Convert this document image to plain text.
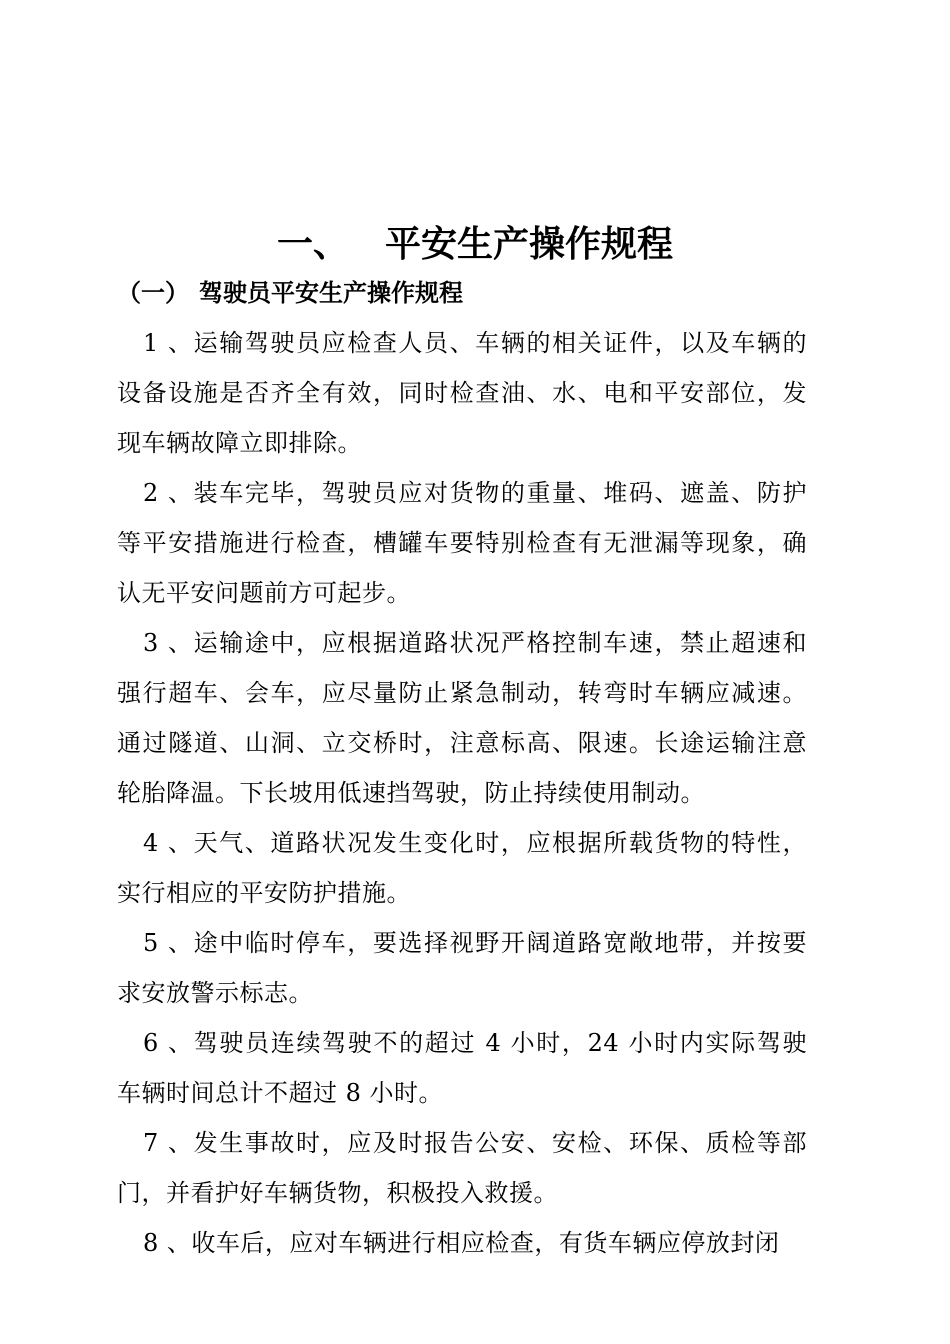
一、 平安生产操作规程
（一） 驾驶员平安生产操作规程
1 、运输驾驶员应检查人员、车辆的相关证件，以及车辆的
设备设施是否齐全有效，同时检查油、水、电和平安部位，发
现车辆故障立即排除。
2 、装车完毕，驾驶员应对货物的重量、堆码、遮盖、防护
等平安措施进行检查，槽罐车要特别检查有无泄漏等现象，确
认无平安问题前方可起步。
3 、运输途中，应根据道路状况严格控制车速，禁止超速和
强行超车、会车，应尽量防止紧急制动，转弯时车辆应减速。
通过隧道、山洞、立交桥时，注意标高、限速。长途运输注意
轮胎降温。下长坡用低速挡驾驶，防止持续使用制动。
4 、天气、道路状况发生变化时，应根据所载货物的特性，
实行相应的平安防护措施。
5 、途中临时停车，要选择视野开阔道路宽敞地带，并按要
求安放警示标志。
6 、驾驶员连续驾驶不的超过 4 小时，24 小时内实际驾驶
车辆时间总计不超过 8 小时。
7 、发生事故时，应及时报告公安、安检、环保、质检等部
门，并看护好车辆货物，积极投入救援。
8 、收车后，应对车辆进行相应检查，有货车辆应停放封闭
